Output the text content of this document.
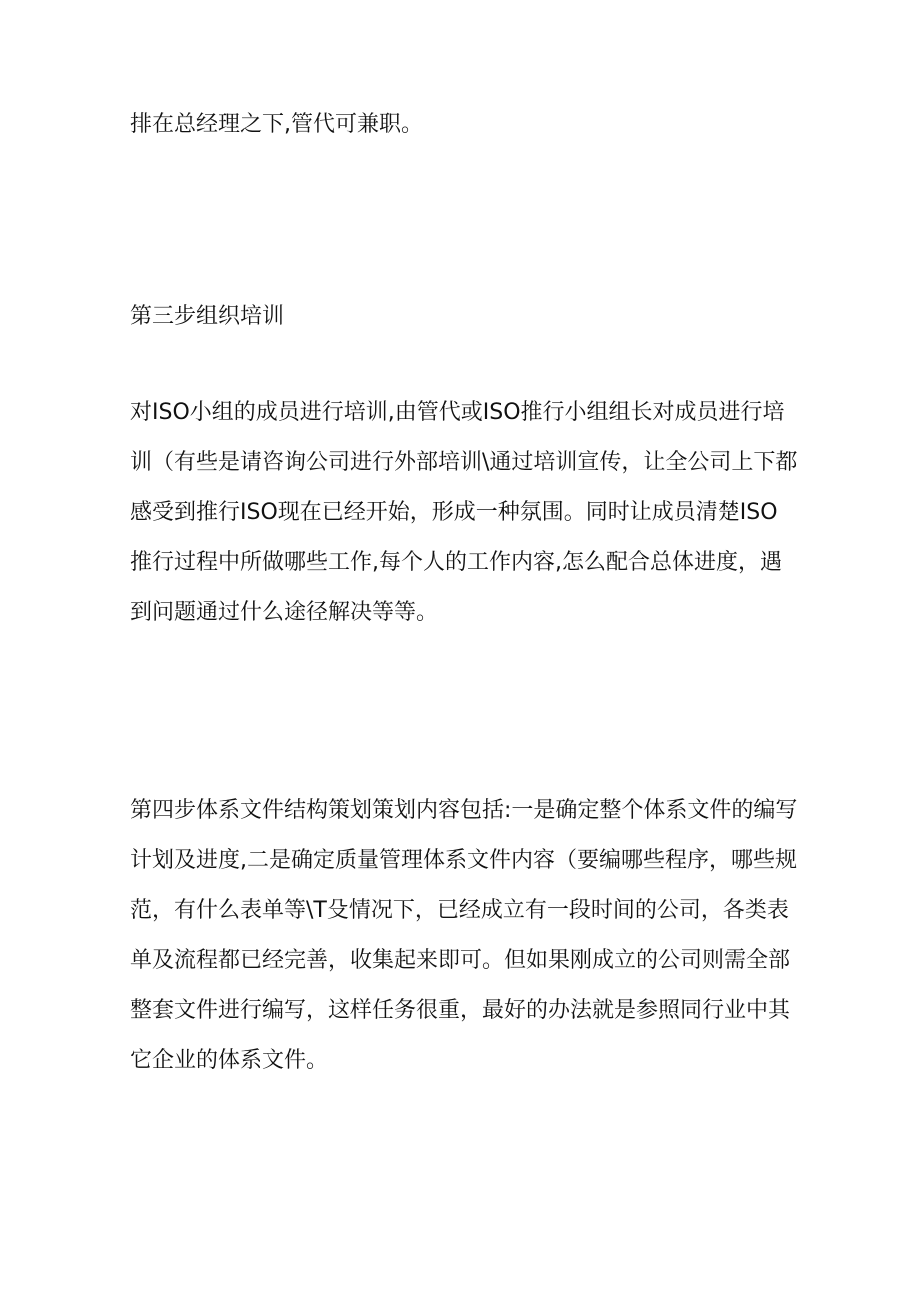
排在总经理之下,管代可兼职。

第三步组织培训

对ISO小组的成员进行培训,由管代或ISO推行小组组长对成员进行培训（有些是请咨询公司进行外部培训\通过培训宣传，让全公司上下都感受到推行ISO现在已经开始，形成一种氛围。同时让成员清楚ISO推行过程中所做哪些工作,每个人的工作内容,怎么配合总体进度，遇到问题通过什么途径解决等等。

第四步体系文件结构策划策划内容包括:一是确定整个体系文件的编写计划及进度,二是确定质量管理体系文件内容（要编哪些程序，哪些规范，有什么表单等\T殳情况下，已经成立有一段时间的公司，各类表单及流程都已经完善，收集起来即可。但如果刚成立的公司则需全部整套文件进行编写，这样任务很重，最好的办法就是参照同行业中其它企业的体系文件。
